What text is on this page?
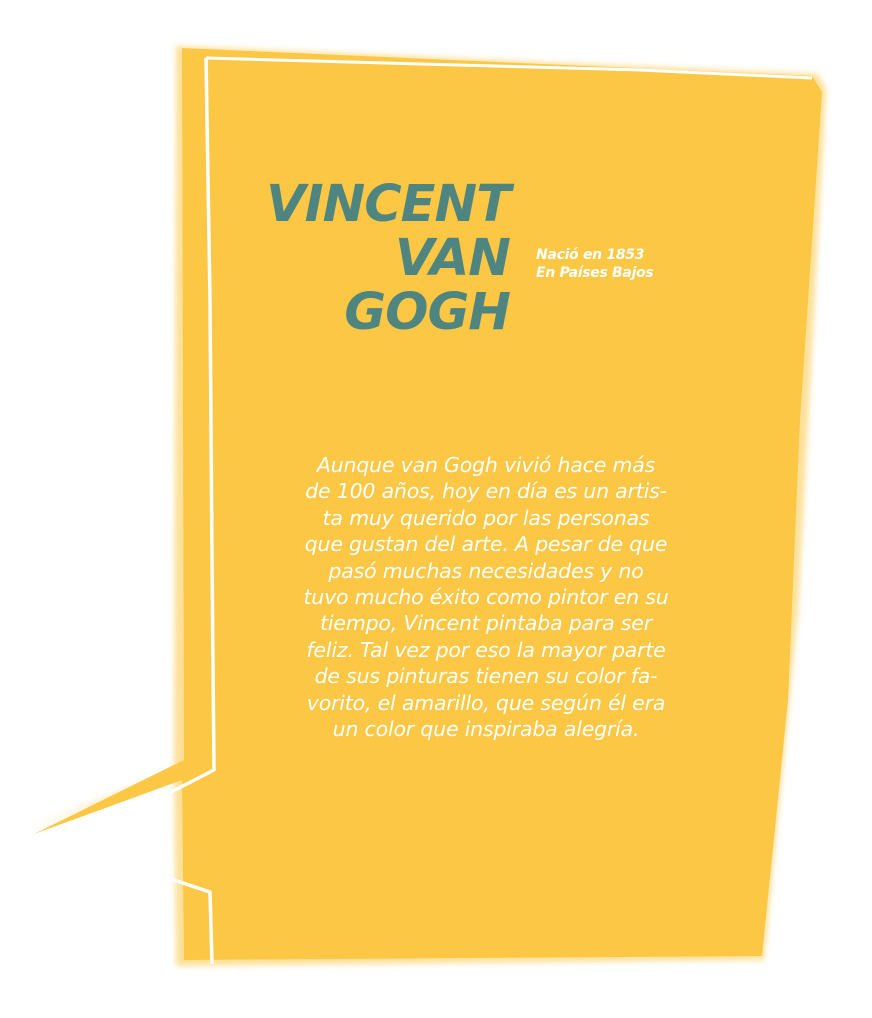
VINCENT
VAN
GOGH
Nació en 1853
En Países Bajos
Aunque van Gogh vivió hace más
de 100 años, hoy en día es un artis-
ta muy querido por las personas
que gustan del arte. A pesar de que
pasó muchas necesidades y no
tuvo mucho éxito como pintor en su
tiempo, Vincent pintaba para ser
feliz. Tal vez por eso la mayor parte
de sus pinturas tienen su color fa-
vorito, el amarillo, que según él era
un color que inspiraba alegría.
